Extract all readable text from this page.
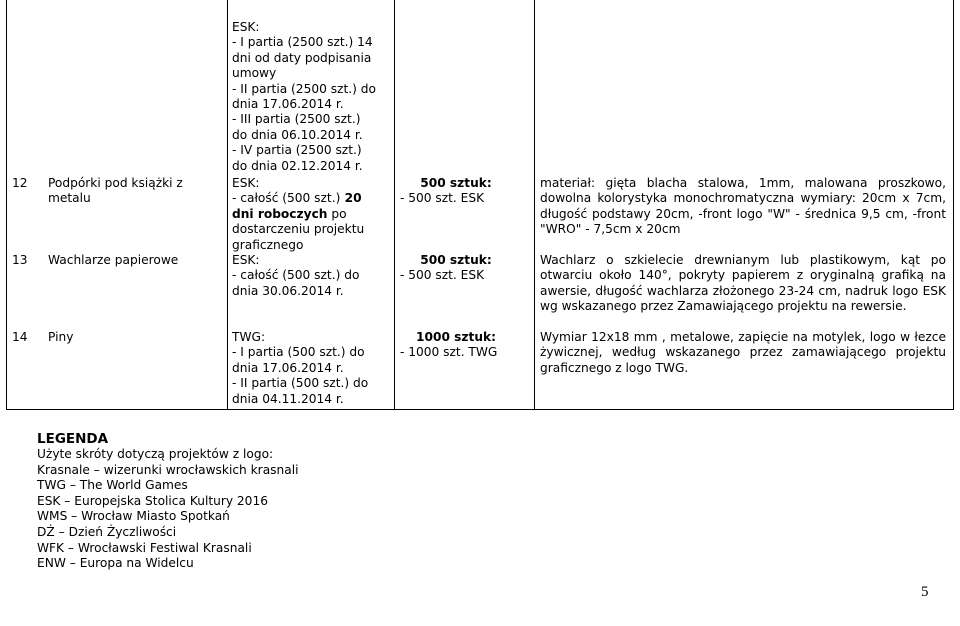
ESK:
- I partia (2500 szt.) 14
dni od daty podpisania
umowy
- II partia (2500 szt.) do
dnia 17.06.2014 r.
- III partia (2500 szt.)
do dnia 06.10.2014 r.
- IV partia (2500 szt.)
do dnia 02.12.2014 r.
12 Podpórki pod książki z
metalu
ESK:
- całość (500 szt.) 20
dni roboczych po
dostarczeniu projektu
graficznego
500 sztuk:
- 500 szt. ESK
materiał: gięta blacha stalowa, 1mm, malowana proszkowo, dowolna kolorystyka monochromatyczna wymiary: 20cm x 7cm, długość podstawy 20cm, -front logo "W" - średnica 9,5 cm, -front "WRO" - 7,5cm x 20cm
13 Wachlarze papierowe	ESK:
- całość (500 szt.) do
dnia 30.06.2014 r.
500 sztuk:
- 500 szt. ESK
Wachlarz o szkielecie drewnianym lub plastikowym, kąt po otwarciu około 140°, pokryty papierem z oryginalną grafiką na awersie, długość wachlarza złożonego 23-24 cm, nadruk logo ESK wg wskazanego przez Zamawiającego projektu na rewersie.
14 Piny	TWG:
- I partia (500 szt.) do
dnia 17.06.2014 r.
- II partia (500 szt.) do
dnia 04.11.2014 r.
1000 sztuk:
- 1000 szt. TWG
Wymiar 12x18 mm , metalowe, zapięcie na motylek, logo w łezce żywicznej, według wskazanego przez zamawiającego projektu graficznego z logo TWG.
LEGENDA
Użyte skróty dotyczą projektów z logo:
Krasnale – wizerunki wrocławskich krasnali
TWG – The World Games
ESK – Europejska Stolica Kultury 2016
WMS – Wrocław Miasto Spotkań
DŻ – Dzień Życzliwości
WFK – Wrocławski Festiwal Krasnali
ENW – Europa na Widelcu
5
